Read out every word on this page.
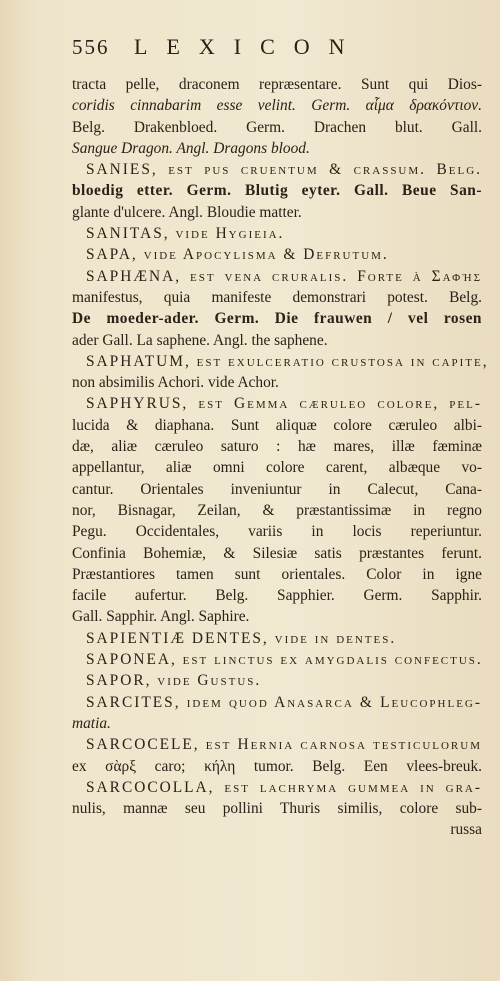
556	LEXICON
tracta pelle, draconem repræsentare. Sunt qui Dios-
coridis cinnabarim esse velint. Germ. αἷμα δρακόντιον.
Belg. Drakenbloed. Germ. Drachen blut. Gall.
Sangue Dragon. Angl. Dragons blood.
SANIES, est pus cruentum & crassum. Belg.
bloedig etter. Germ. Blutig eyter. Gall. Beue San-
glante d'ulcere. Angl. Bloudie matter.
SANITAS, vide Hygieia.
SAPA, vide Apocylisma & Defrutum.
SAPHÆNA, est vena cruralis. Forte à Σαφὴς
manifestus, quia manifeste demonstrari potest. Belg.
De moeder-ader. Germ. Die frauwen / vel rosen
ader Gall. La saphene. Angl. the saphene.
SAPHATUM, est exulceratio crustosa in capite,
non absimilis Achori. vide Achor.
SAPHYRUS, est Gemma cæruleo colore, pel-
lucida & diaphana. Sunt aliquæ colore cæruleo albi-
dæ, aliæ cæruleo saturo : hæ mares, illæ fæminæ
appellantur, aliæ omni colore carent, albæque vo-
cantur. Orientales inveniuntur in Calecut, Cana-
nor, Bisnagar, Zeilan, & præstantissimæ in regno
Pegu. Occidentales, variis in locis reperiuntur.
Confinia Bohemiæ, & Silesiæ satis præstantes ferunt.
Præstantiores tamen sunt orientales. Color in igne
facile aufertur. Belg. Sapphier. Germ. Sapphir.
Gall. Sapphir. Angl. Saphire.
SAPIENTIÆ DENTES, vide in dentes.
SAPONEA, est linctus ex amygdalis confectus.
SAPOR, vide Gustus.
SARCITES, idem quod Anasarca & Leucophleg-
matia.
SARCOCELE, est Hernia carnosa testiculorum
ex σὰρξ caro; κήλη tumor. Belg. Een vlees-breuk.
SARCOCOLLA, est lachryma gummea in gra-
nulis, mannæ seu pollini Thuris similis, colore sub-
russa
